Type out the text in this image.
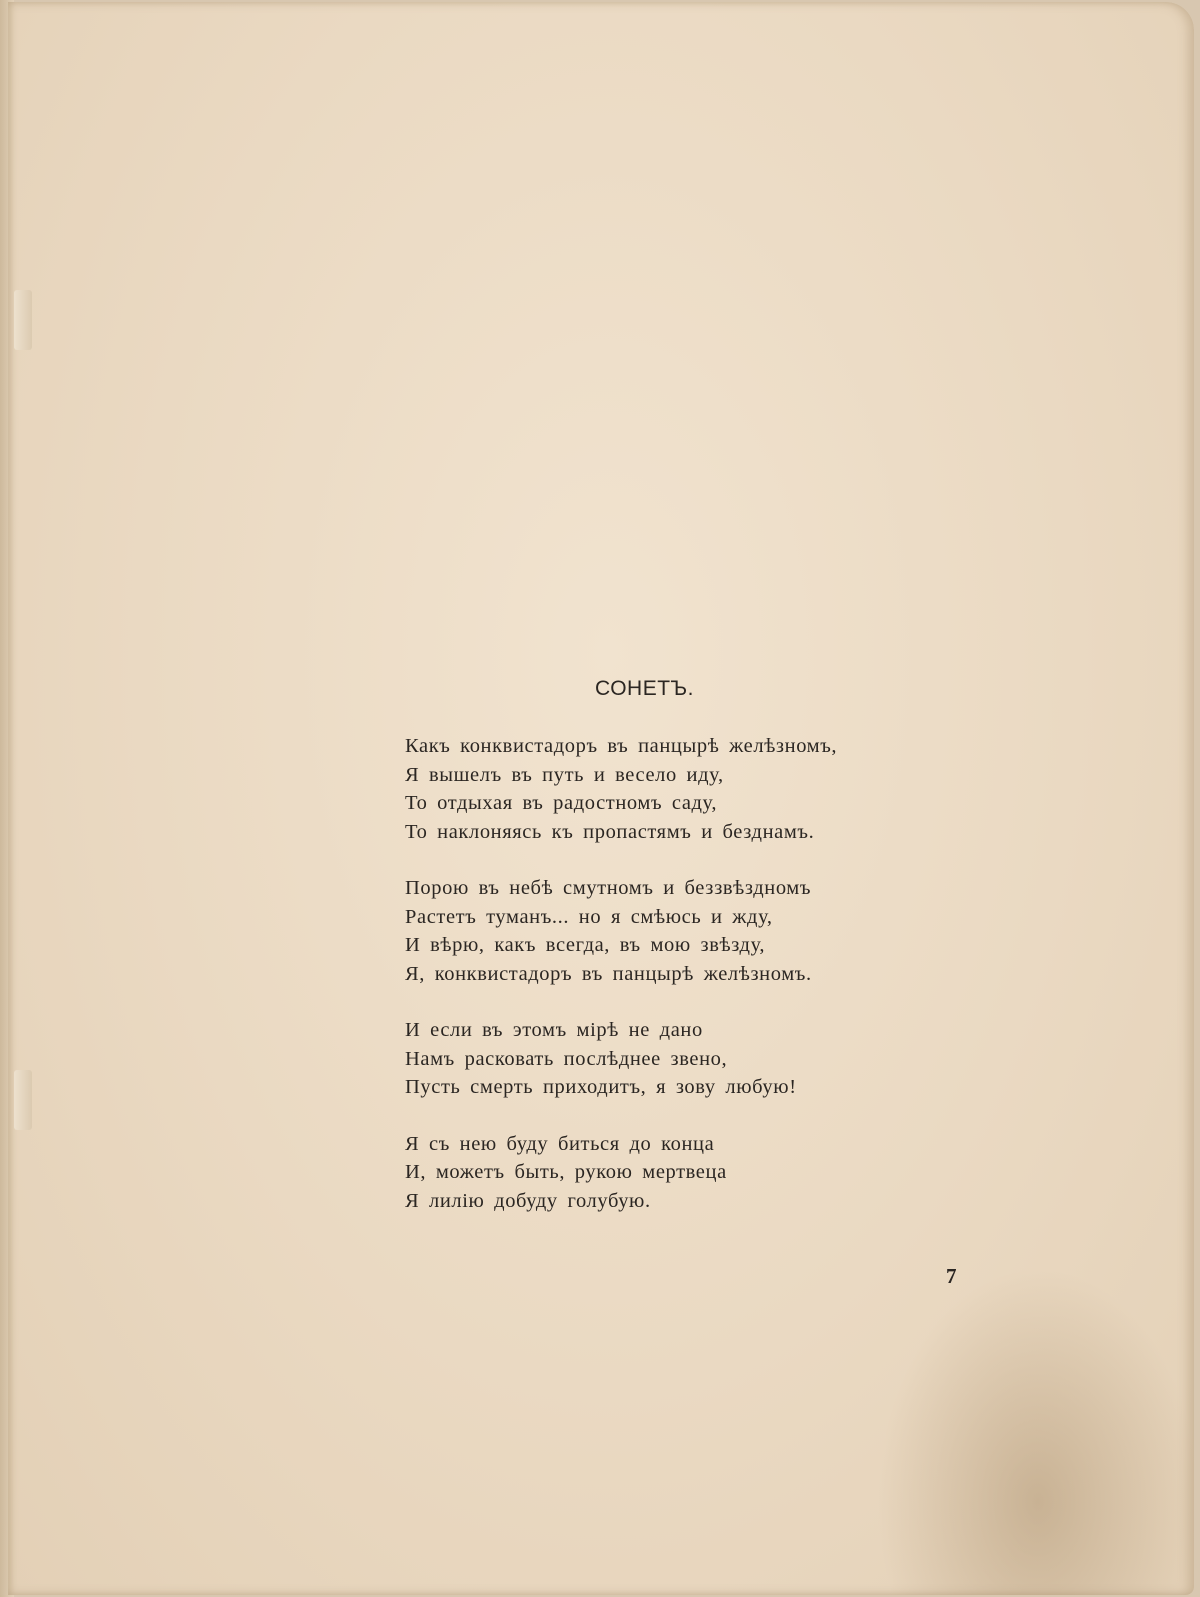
СОНЕТЪ.
Какъ конквистадоръ въ панцырѣ желѣзномъ,
Я вышелъ въ путь и весело иду,
То отдыхая въ радостномъ саду,
То наклоняясь къ пропастямъ и безднамъ.
Порою въ небѣ смутномъ и беззвѣздномъ
Растетъ туманъ... но я смѣюсь и жду,
И вѣрю, какъ всегда, въ мою звѣзду,
Я, конквистадоръ въ панцырѣ желѣзномъ.
И если въ этомъ мірѣ не дано
Намъ расковать послѣднее звено,
Пусть смерть приходитъ, я зову любую!
Я съ нею буду биться до конца
И, можетъ быть, рукою мертвеца
Я лилію добуду голубую.
7
